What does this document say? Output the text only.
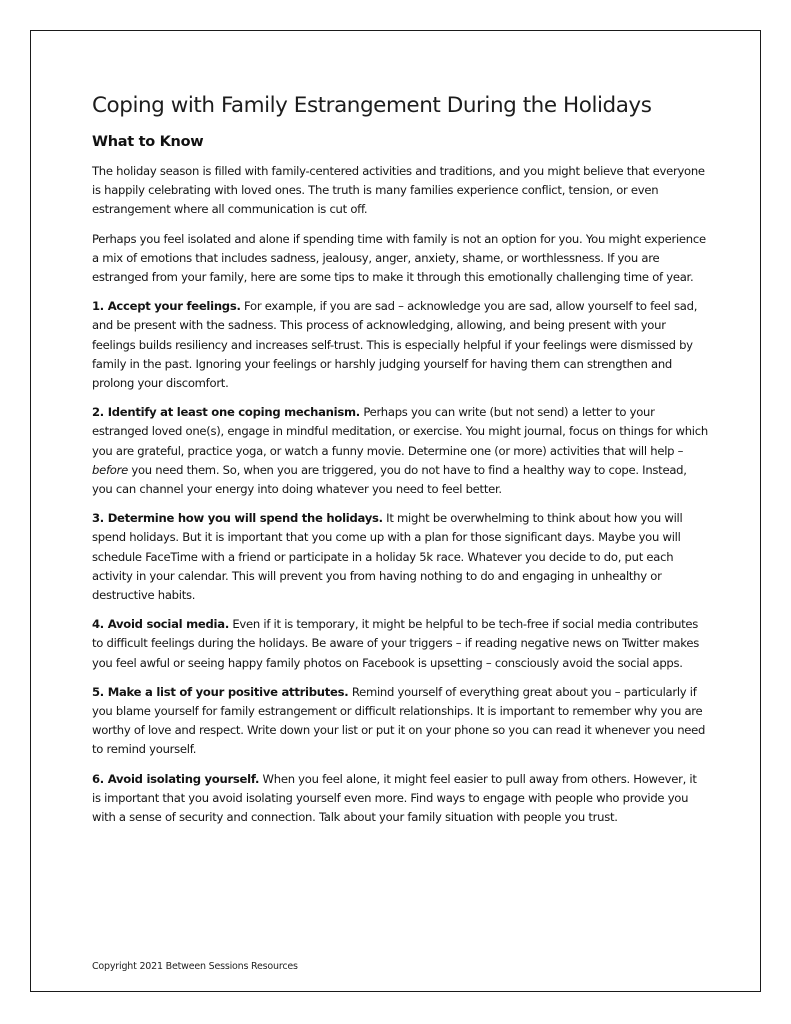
Coping with Family Estrangement During the Holidays
What to Know

The holiday season is filled with family-centered activities and traditions, and you might believe that everyone is happily celebrating with loved ones. The truth is many families experience conflict, tension, or even estrangement where all communication is cut off.

Perhaps you feel isolated and alone if spending time with family is not an option for you. You might experience a mix of emotions that includes sadness, jealousy, anger, anxiety, shame, or worthlessness. If you are estranged from your family, here are some tips to make it through this emotionally challenging time of year.

1. Accept your feelings. For example, if you are sad – acknowledge you are sad, allow yourself to feel sad, and be present with the sadness. This process of acknowledging, allowing, and being present with your feelings builds resiliency and increases self-trust. This is especially helpful if your feelings were dismissed by family in the past. Ignoring your feelings or harshly judging yourself for having them can strengthen and prolong your discomfort.

2. Identify at least one coping mechanism. Perhaps you can write (but not send) a letter to your estranged loved one(s), engage in mindful meditation, or exercise. You might journal, focus on things for which you are grateful, practice yoga, or watch a funny movie. Determine one (or more) activities that will help – before you need them. So, when you are triggered, you do not have to find a healthy way to cope. Instead, you can channel your energy into doing whatever you need to feel better.

3. Determine how you will spend the holidays. It might be overwhelming to think about how you will spend holidays. But it is important that you come up with a plan for those significant days. Maybe you will schedule FaceTime with a friend or participate in a holiday 5k race. Whatever you decide to do, put each activity in your calendar. This will prevent you from having nothing to do and engaging in unhealthy or destructive habits.

4. Avoid social media. Even if it is temporary, it might be helpful to be tech-free if social media contributes to difficult feelings during the holidays. Be aware of your triggers – if reading negative news on Twitter makes you feel awful or seeing happy family photos on Facebook is upsetting – consciously avoid the social apps.

5. Make a list of your positive attributes. Remind yourself of everything great about you – particularly if you blame yourself for family estrangement or difficult relationships. It is important to remember why you are worthy of love and respect. Write down your list or put it on your phone so you can read it whenever you need to remind yourself.

6. Avoid isolating yourself. When you feel alone, it might feel easier to pull away from others. However, it is important that you avoid isolating yourself even more. Find ways to engage with people who provide you with a sense of security and connection. Talk about your family situation with people you trust.

Copyright 2021 Between Sessions Resources
